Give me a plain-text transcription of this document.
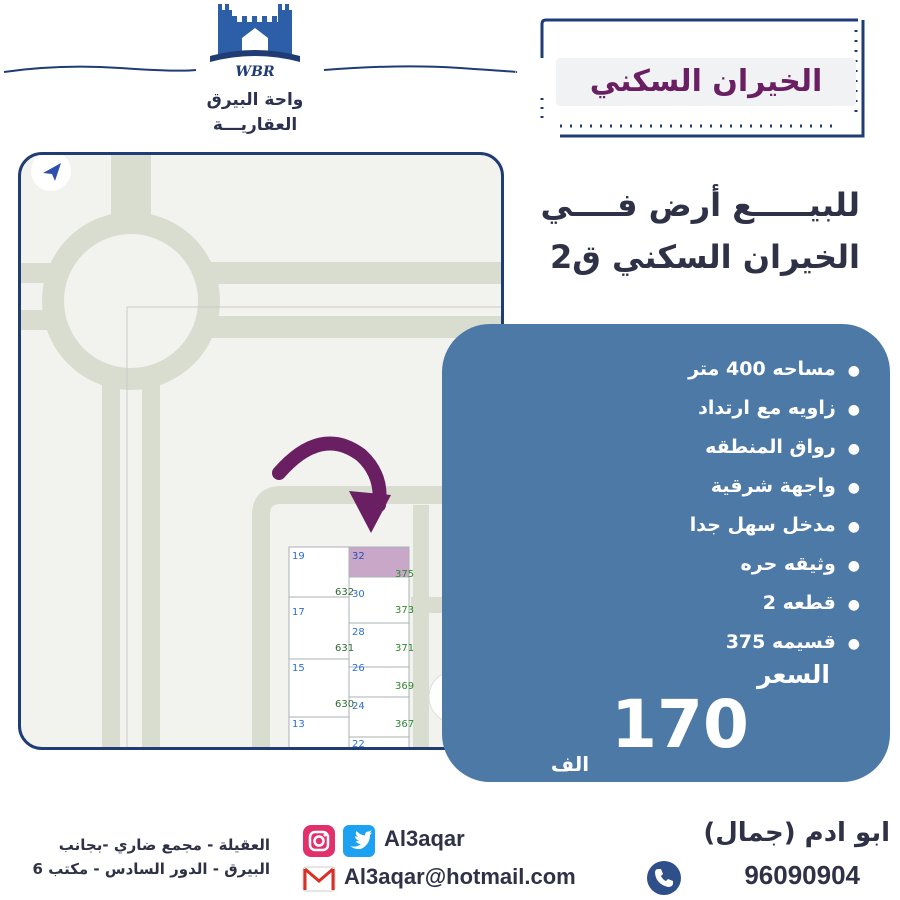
WBR
واحة البيرق
العقاريـــة
الخيران السكني
للبيـــــع أرض فــــي
الخيران السكني ق2
19
17
15
13
32
30
28
26
24
22
375
373
371
369
367
632
631
630
●مساحه 400 متر
●زاويه مع ارتداد
●رواق المنطقه
●واجهة شرقية
●مدخل سهل جدا
●وثيقه حره
●قطعه 2
●قسيمه 375
السعر
170
الف
العقيلة - مجمع ضاري -بجانب
البيرق - الدور السادس - مكتب 6
Al3aqar
Al3aqar@hotmail.com
ابو ادم (جمال)
96090904
